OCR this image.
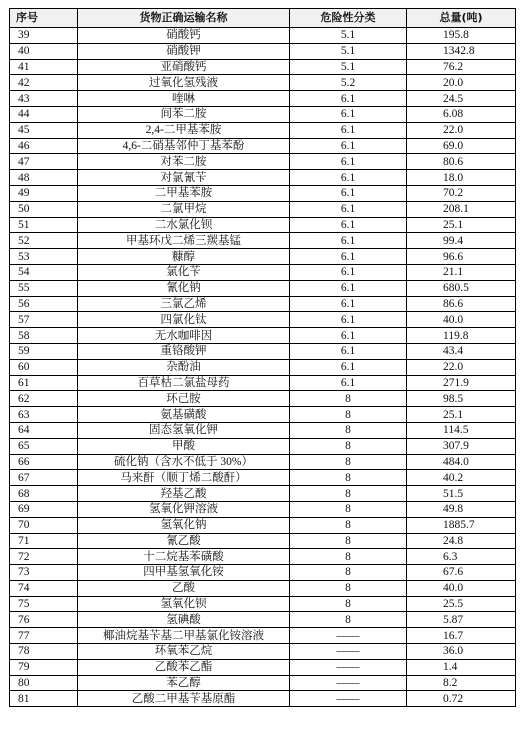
序号	货物正确运输名称	危险性分类	总量(吨)
39	硝酸钙	5.1	195.8
40	硝酸钾	5.1	1342.8
41	亚硝酸钙	5.1	76.2
42	过氧化氢残液	5.2	20.0
43	喹啉	6.1	24.5
44	间苯二胺	6.1	6.08
45	2,4-二甲基苯胺	6.1	22.0
46	4,6-二硝基邻仲丁基苯酚	6.1	69.0
47	对苯二胺	6.1	80.6
48	对氯氰苄	6.1	18.0
49	二甲基苯胺	6.1	70.2
50	二氯甲烷	6.1	208.1
51	二水氯化钡	6.1	25.1
52	甲基环戊二烯三羰基锰	6.1	99.4
53	糠醇	6.1	96.6
54	氯化苄	6.1	21.1
55	氰化钠	6.1	680.5
56	三氯乙烯	6.1	86.6
57	四氯化钛	6.1	40.0
58	无水咖啡因	6.1	119.8
59	重铬酸钾	6.1	43.4
60	杂酚油	6.1	22.0
61	百草枯二氯盐母药	6.1	271.9
62	环己胺	8	98.5
63	氨基磺酸	8	25.1
64	固态氢氧化钾	8	114.5
65	甲酸	8	307.9
66	硫化钠（含水不低于 30%）	8	484.0
67	马来酐（顺丁烯二酸酐）	8	40.2
68	羟基乙酸	8	51.5
69	氢氧化钾溶液	8	49.8
70	氢氧化钠	8	1885.7
71	氰乙酸	8	24.8
72	十二烷基苯磺酸	8	6.3
73	四甲基氢氧化铵	8	67.6
74	乙酸	8	40.0
75	氢氧化钡	8	25.5
76	氢碘酸	8	5.87
77	椰油烷基苄基二甲基氯化铵溶液	——	16.7
78	环氧苯乙烷	——	36.0
79	乙酸苯乙酯	——	1.4
80	苯乙醇	——	8.2
81	乙酸二甲基苄基原酯	——	0.72
